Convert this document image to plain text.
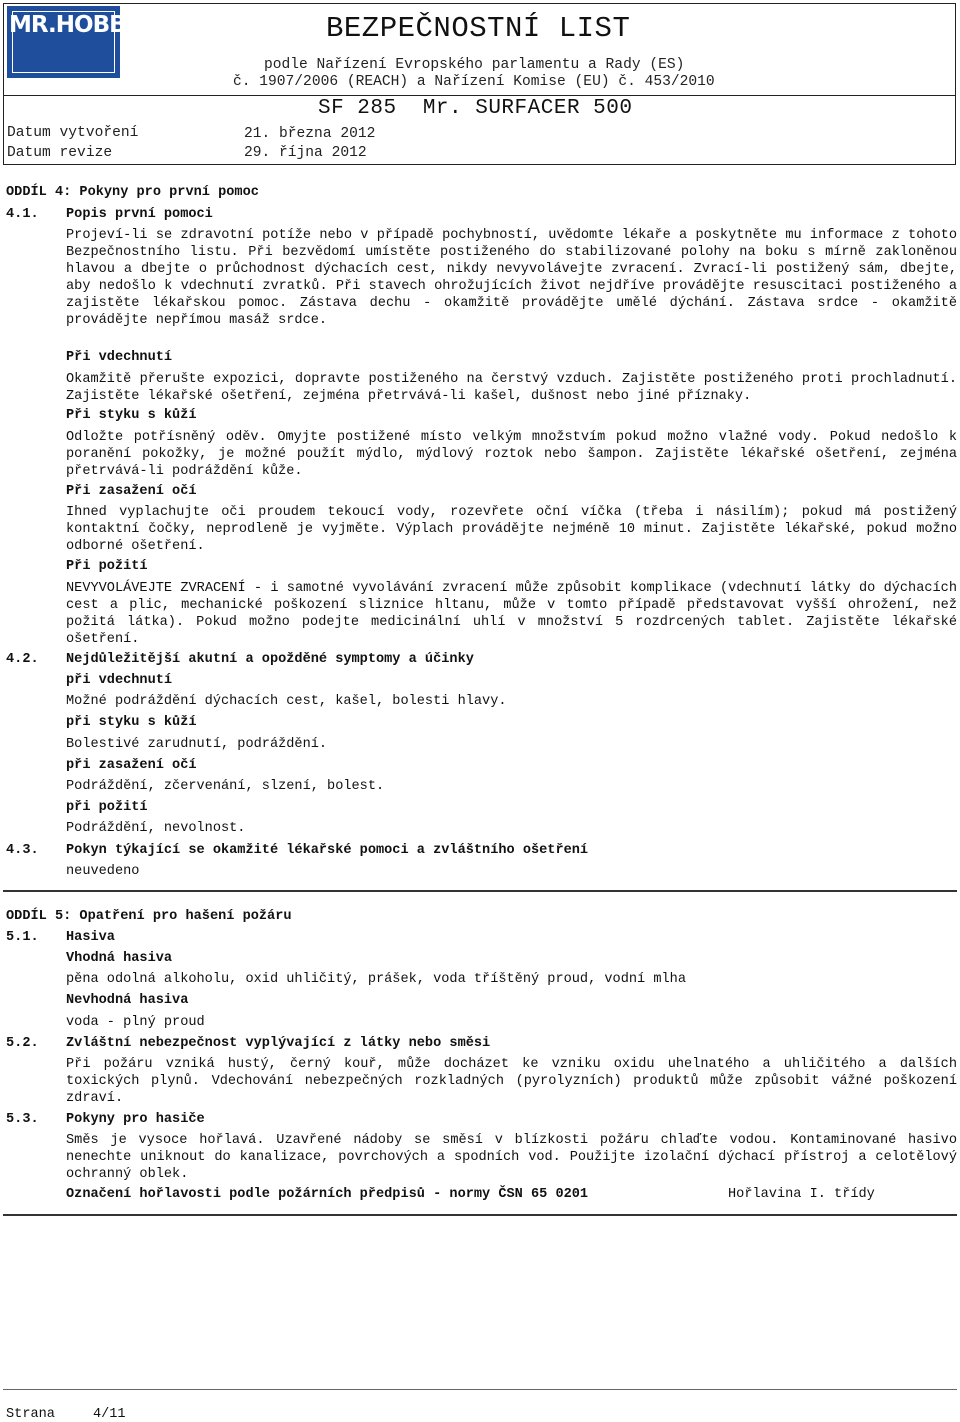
MR.HOBBY	BEZPEČNOSTNÍ LIST
podle Nařízení Evropského parlamentu a Rady (ES)
č. 1907/2006 (REACH) a Nařízení Komise (EU) č. 453/2010
SF 285  Mr. SURFACER 500
Datum vytvoření	21. března 2012
Datum revize	29. října 2012
ODDÍL 4: Pokyny pro první pomoc
4.1. Popis první pomoci
Projeví-li se zdravotní potíže nebo v případě pochybností, uvědomte lékaře a poskytněte mu informace z tohoto Bezpečnostního listu. Při bezvědomí umístěte postiženého do stabilizované polohy na boku s mírně zakloněnou hlavou a dbejte o průchodnost dýchacích cest, nikdy nevyvolávejte zvracení. Zvrací-li postižený sám, dbejte, aby nedošlo k vdechnutí zvratků. Při stavech ohrožujících život nejdříve provádějte resuscitaci postiženého a zajistěte lékařskou pomoc. Zástava dechu - okamžitě provádějte umělé dýchání. Zástava srdce - okamžitě provádějte nepřímou masáž srdce.
Při vdechnutí
Okamžitě přerušte expozici, dopravte postiženého na čerstvý vzduch. Zajistěte postiženého proti prochladnutí. Zajistěte lékařské ošetření, zejména přetrvává-li kašel, dušnost nebo jiné příznaky.
Při styku s kůží
Odložte potřísněný oděv. Omyjte postižené místo velkým množstvím pokud možno vlažné vody. Pokud nedošlo k poranění pokožky, je možné použít mýdlo, mýdlový roztok nebo šampon. Zajistěte lékařské ošetření, zejména přetrvává-li podráždění kůže.
Při zasažení očí
Ihned vyplachujte oči proudem tekoucí vody, rozevřete oční víčka (třeba i násilím); pokud má postižený kontaktní čočky, neprodleně je vyjměte. Výplach provádějte nejméně 10 minut. Zajistěte lékařské, pokud možno odborné ošetření.
Při požití
NEVYVOLÁVEJTE ZVRACENÍ - i samotné vyvolávání zvracení může způsobit komplikace (vdechnutí látky do dýchacích cest a plic, mechanické poškození sliznice hltanu, může v tomto případě představovat vyšší ohrožení, než požitá látka). Pokud možno podejte medicinální uhlí v množství 5 rozdrcených tablet. Zajistěte lékařské ošetření.
4.2. Nejdůležitější akutní a opožděné symptomy a účinky
při vdechnutí
Možné podráždění dýchacích cest, kašel, bolesti hlavy.
při styku s kůží
Bolestivé zarudnutí, podráždění.
při zasažení očí
Podráždění, zčervenání, slzení, bolest.
při požití
Podráždění, nevolnost.
4.3. Pokyn týkající se okamžité lékařské pomoci a zvláštního ošetření
neuvedeno
ODDÍL 5: Opatření pro hašení požáru
5.1. Hasiva
Vhodná hasiva
pěna odolná alkoholu, oxid uhličitý, prášek, voda tříštěný proud, vodní mlha
Nevhodná hasiva
voda - plný proud
5.2. Zvláštní nebezpečnost vyplývající z látky nebo směsi
Při požáru vzniká hustý, černý kouř, může docházet ke vzniku oxidu uhelnatého a uhličitého a dalších toxických plynů. Vdechování nebezpečných rozkladných (pyrolyzních) produktů může způsobit vážné poškození zdraví.
5.3. Pokyny pro hasiče
Směs je vysoce hořlavá. Uzavřené nádoby se směsí v blízkosti požáru chlaďte vodou. Kontaminované hasivo nenechte uniknout do kanalizace, povrchových a spodních vod. Použijte izolační dýchací přístroj a celotělový ochranný oblek.
Označení hořlavosti podle požárních předpisů - normy ČSN 65 0201	Hořlavina I. třídy
Strana	4/11
